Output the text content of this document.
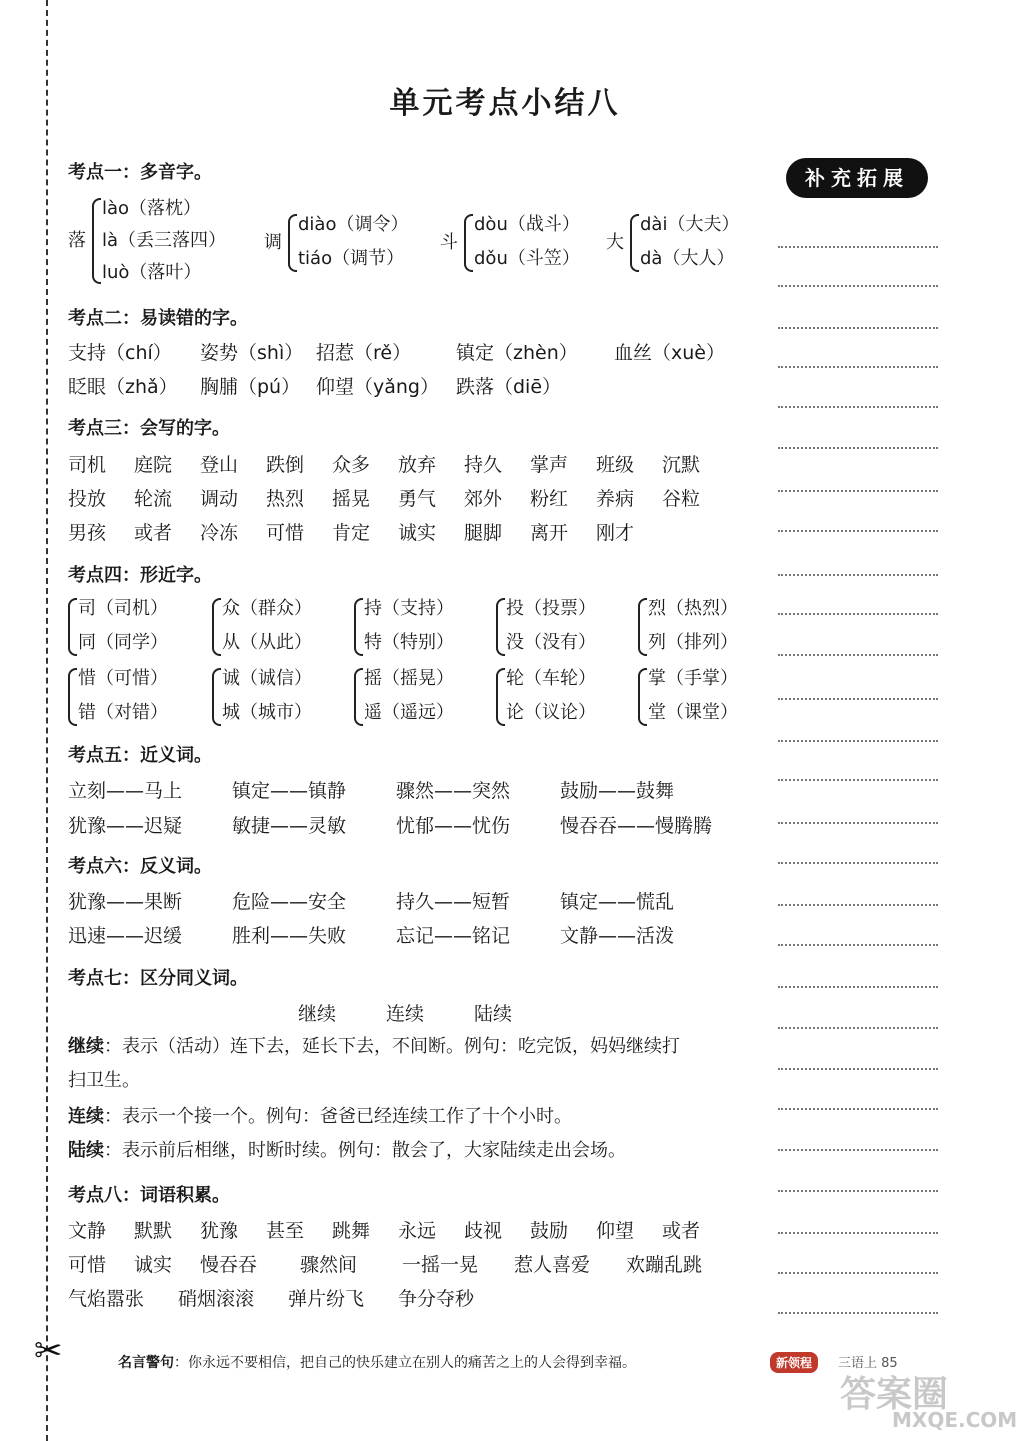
✂
单元考点小结八
补充拓展
考点一：多音字。
落
lào（落枕）
là（丢三落四）
luò（落叶）
调
diào（调令）
tiáo（调节）
斗
dòu（战斗）
dǒu（斗笠）
大
dài（大夫）
dà（大人）
考点二：易读错的字。
支持（chí） 姿势（shì） 招惹（rě） 镇定（zhèn） 血丝（xuè）
眨眼（zhǎ） 胸脯（pú） 仰望（yǎng） 跌落（diē）
考点三：会写的字。
司机 庭院 登山 跌倒 众多 放弃 持久 掌声 班级 沉默
投放 轮流 调动 热烈 摇晃 勇气 郊外 粉红 养病 谷粒
男孩 或者 冷冻 可惜 肯定 诚实 腿脚 离开 刚才
考点四：形近字。
司（司机）
同（同学）
众（群众）
从（从此）
持（支持）
特（特别）
投（投票）
没（没有）
烈（热烈）
列（排列）
惜（可惜）
错（对错）
诚（诚信）
城（城市）
摇（摇晃）
遥（遥远）
轮（车轮）
论（议论）
掌（手掌）
堂（课堂）
考点五：近义词。
立刻——马上	镇定——镇静	骤然——突然	鼓励——鼓舞
犹豫——迟疑	敏捷——灵敏	忧郁——忧伤	慢吞吞——慢腾腾
考点六：反义词。
犹豫——果断	危险——安全	持久——短暂	镇定——慌乱
迅速——迟缓	胜利——失败	忘记——铭记	文静——活泼
考点七：区分同义词。
继续	连续	陆续
继续：表示（活动）连下去，延长下去，不间断。例句：吃完饭，妈妈继续打
扫卫生。
连续：表示一个接一个。例句：爸爸已经连续工作了十个小时。
陆续：表示前后相继，时断时续。例句：散会了，大家陆续走出会场。
考点八：词语积累。
文静 默默 犹豫 甚至 跳舞 永远 歧视 鼓励 仰望 或者
可惜 诚实 慢吞吞 骤然间 一摇一晃 惹人喜爱 欢蹦乱跳
气焰嚣张 硝烟滚滚 弹片纷飞 争分夺秒
名言警句：你永远不要相信，把自己的快乐建立在别人的痛苦之上的人会得到幸福。	新领程	三语上 85
答案圈
MXQE.COM
